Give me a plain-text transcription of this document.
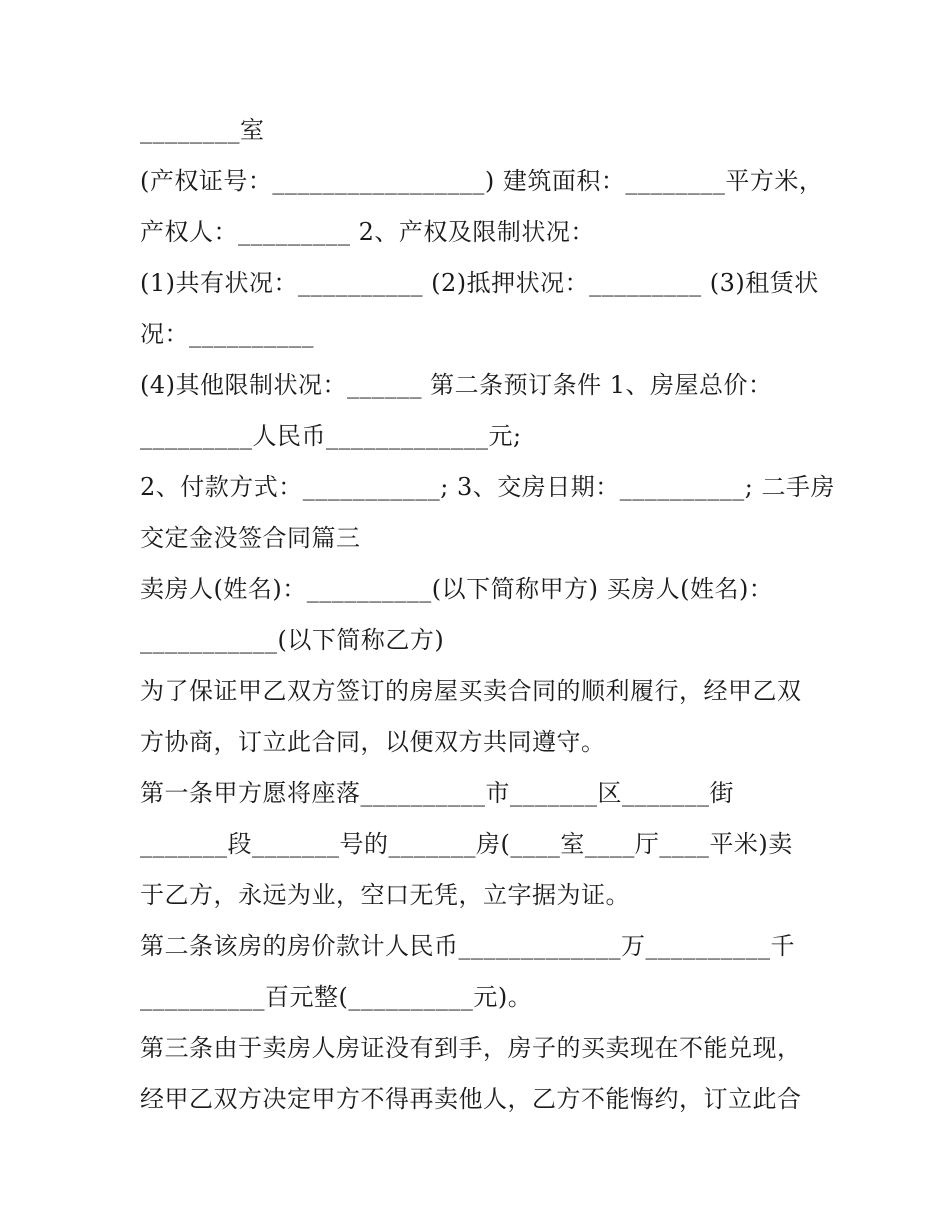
________室
(产权证号：_________________) 建筑面积：________平方米，
产权人：_________ 2、产权及限制状况：
(1)共有状况：__________ (2)抵押状况：_________ (3)租赁状
况：__________
(4)其他限制状况：______ 第二条预订条件 1、房屋总价：
_________人民币_____________元;
2、付款方式：___________; 3、交房日期：__________; 二手房
交定金没签合同篇三
卖房人(姓名)：__________(以下简称甲方) 买房人(姓名)：
___________(以下简称乙方)
为了保证甲乙双方签订的房屋买卖合同的顺利履行，经甲乙双
方协商，订立此合同，以便双方共同遵守。
第一条甲方愿将座落__________市_______区_______街
_______段_______号的_______房(____室____厅____平米)卖
于乙方，永远为业，空口无凭，立字据为证。
第二条该房的房价款计人民币_____________万__________千
__________百元整(__________元)。
第三条由于卖房人房证没有到手，房子的买卖现在不能兑现，
经甲乙双方决定甲方不得再卖他人，乙方不能悔约，订立此合
